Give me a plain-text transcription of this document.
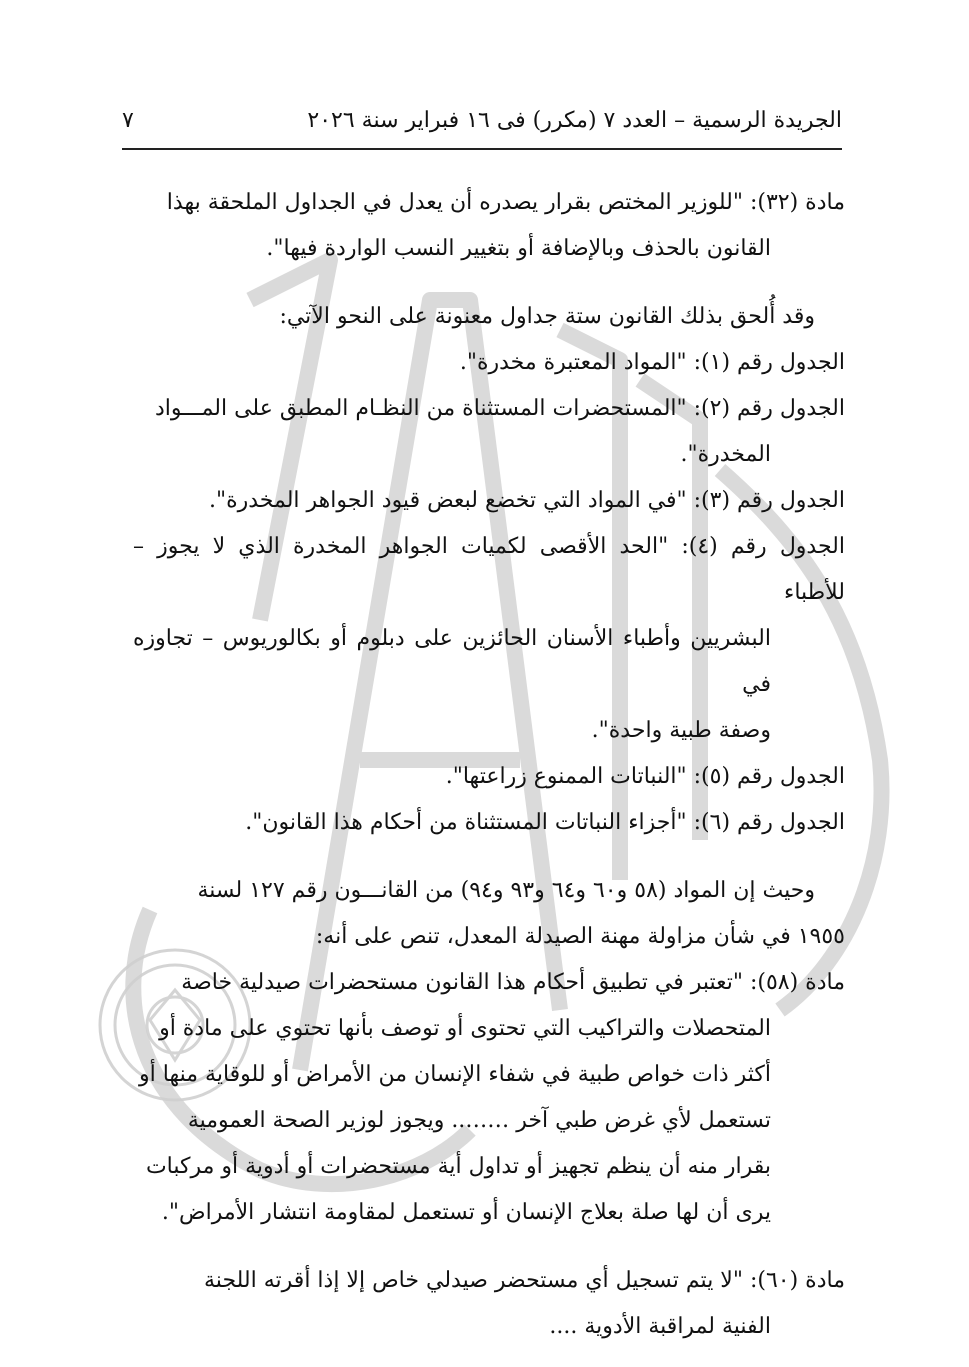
الجريدة الرسمية – العدد ٧ (مكرر) فى ١٦ فبراير سنة ٢٠٢٦
٧
مادة (٣٢): "للوزير المختص بقرار يصدره أن يعدل في الجداول الملحقة بهذا
القانون بالحذف وبالإضافة أو بتغيير النسب الواردة فيها".
وقد أُلحق بذلك القانون ستة جداول معنونة على النحو الآتي:
الجدول رقم (١): "المواد المعتبرة مخدرة".
الجدول رقم (٢): "المستحضرات المستثناة من النظـام المطبق على المـــواد
المخدرة".
الجدول رقم (٣): "في المواد التي تخضع لبعض قيود الجواهر المخدرة".
الجدول رقم (٤): "الحد الأقصى لكميات الجواهر المخدرة الذي لا يجوز – للأطباء
البشريين وأطباء الأسنان الحائزين على دبلوم أو بكالوريوس – تجاوزه في
وصفة طبية واحدة".
الجدول رقم (٥): "النباتات الممنوع زراعتها".
الجدول رقم (٦): "أجزاء النباتات المستثناة من أحكام هذا القانون".
وحيث إن المواد (٥٨ و٦٠ و٦٤ و٩٣ و٩٤) من القانـــون رقم ١٢٧ لسنة
١٩٥٥ في شأن مزاولة مهنة الصيدلة المعدل، تنص على أنه:
مادة (٥٨): "تعتبر في تطبيق أحكام هذا القانون مستحضرات صيدلية خاصة
المتحصلات والتراكيب التي تحتوى أو توصف بأنها تحتوي على مادة أو
أكثر ذات خواص طبية في شفاء الإنسان من الأمراض أو للوقاية منها أو
تستعمل لأي غرض طبي آخر …….. ويجوز لوزير الصحة العمومية
بقرار منه أن ينظم تجهيز أو تداول أية مستحضرات أو أدوية أو مركبات
يرى أن لها صلة بعلاج الإنسان أو تستعمل لمقاومة انتشار الأمراض".
مادة (٦٠): "لا يتم تسجيل أي مستحضر صيدلي خاص إلا إذا أقرته اللجنة
الفنية لمراقبة الأدوية ....
